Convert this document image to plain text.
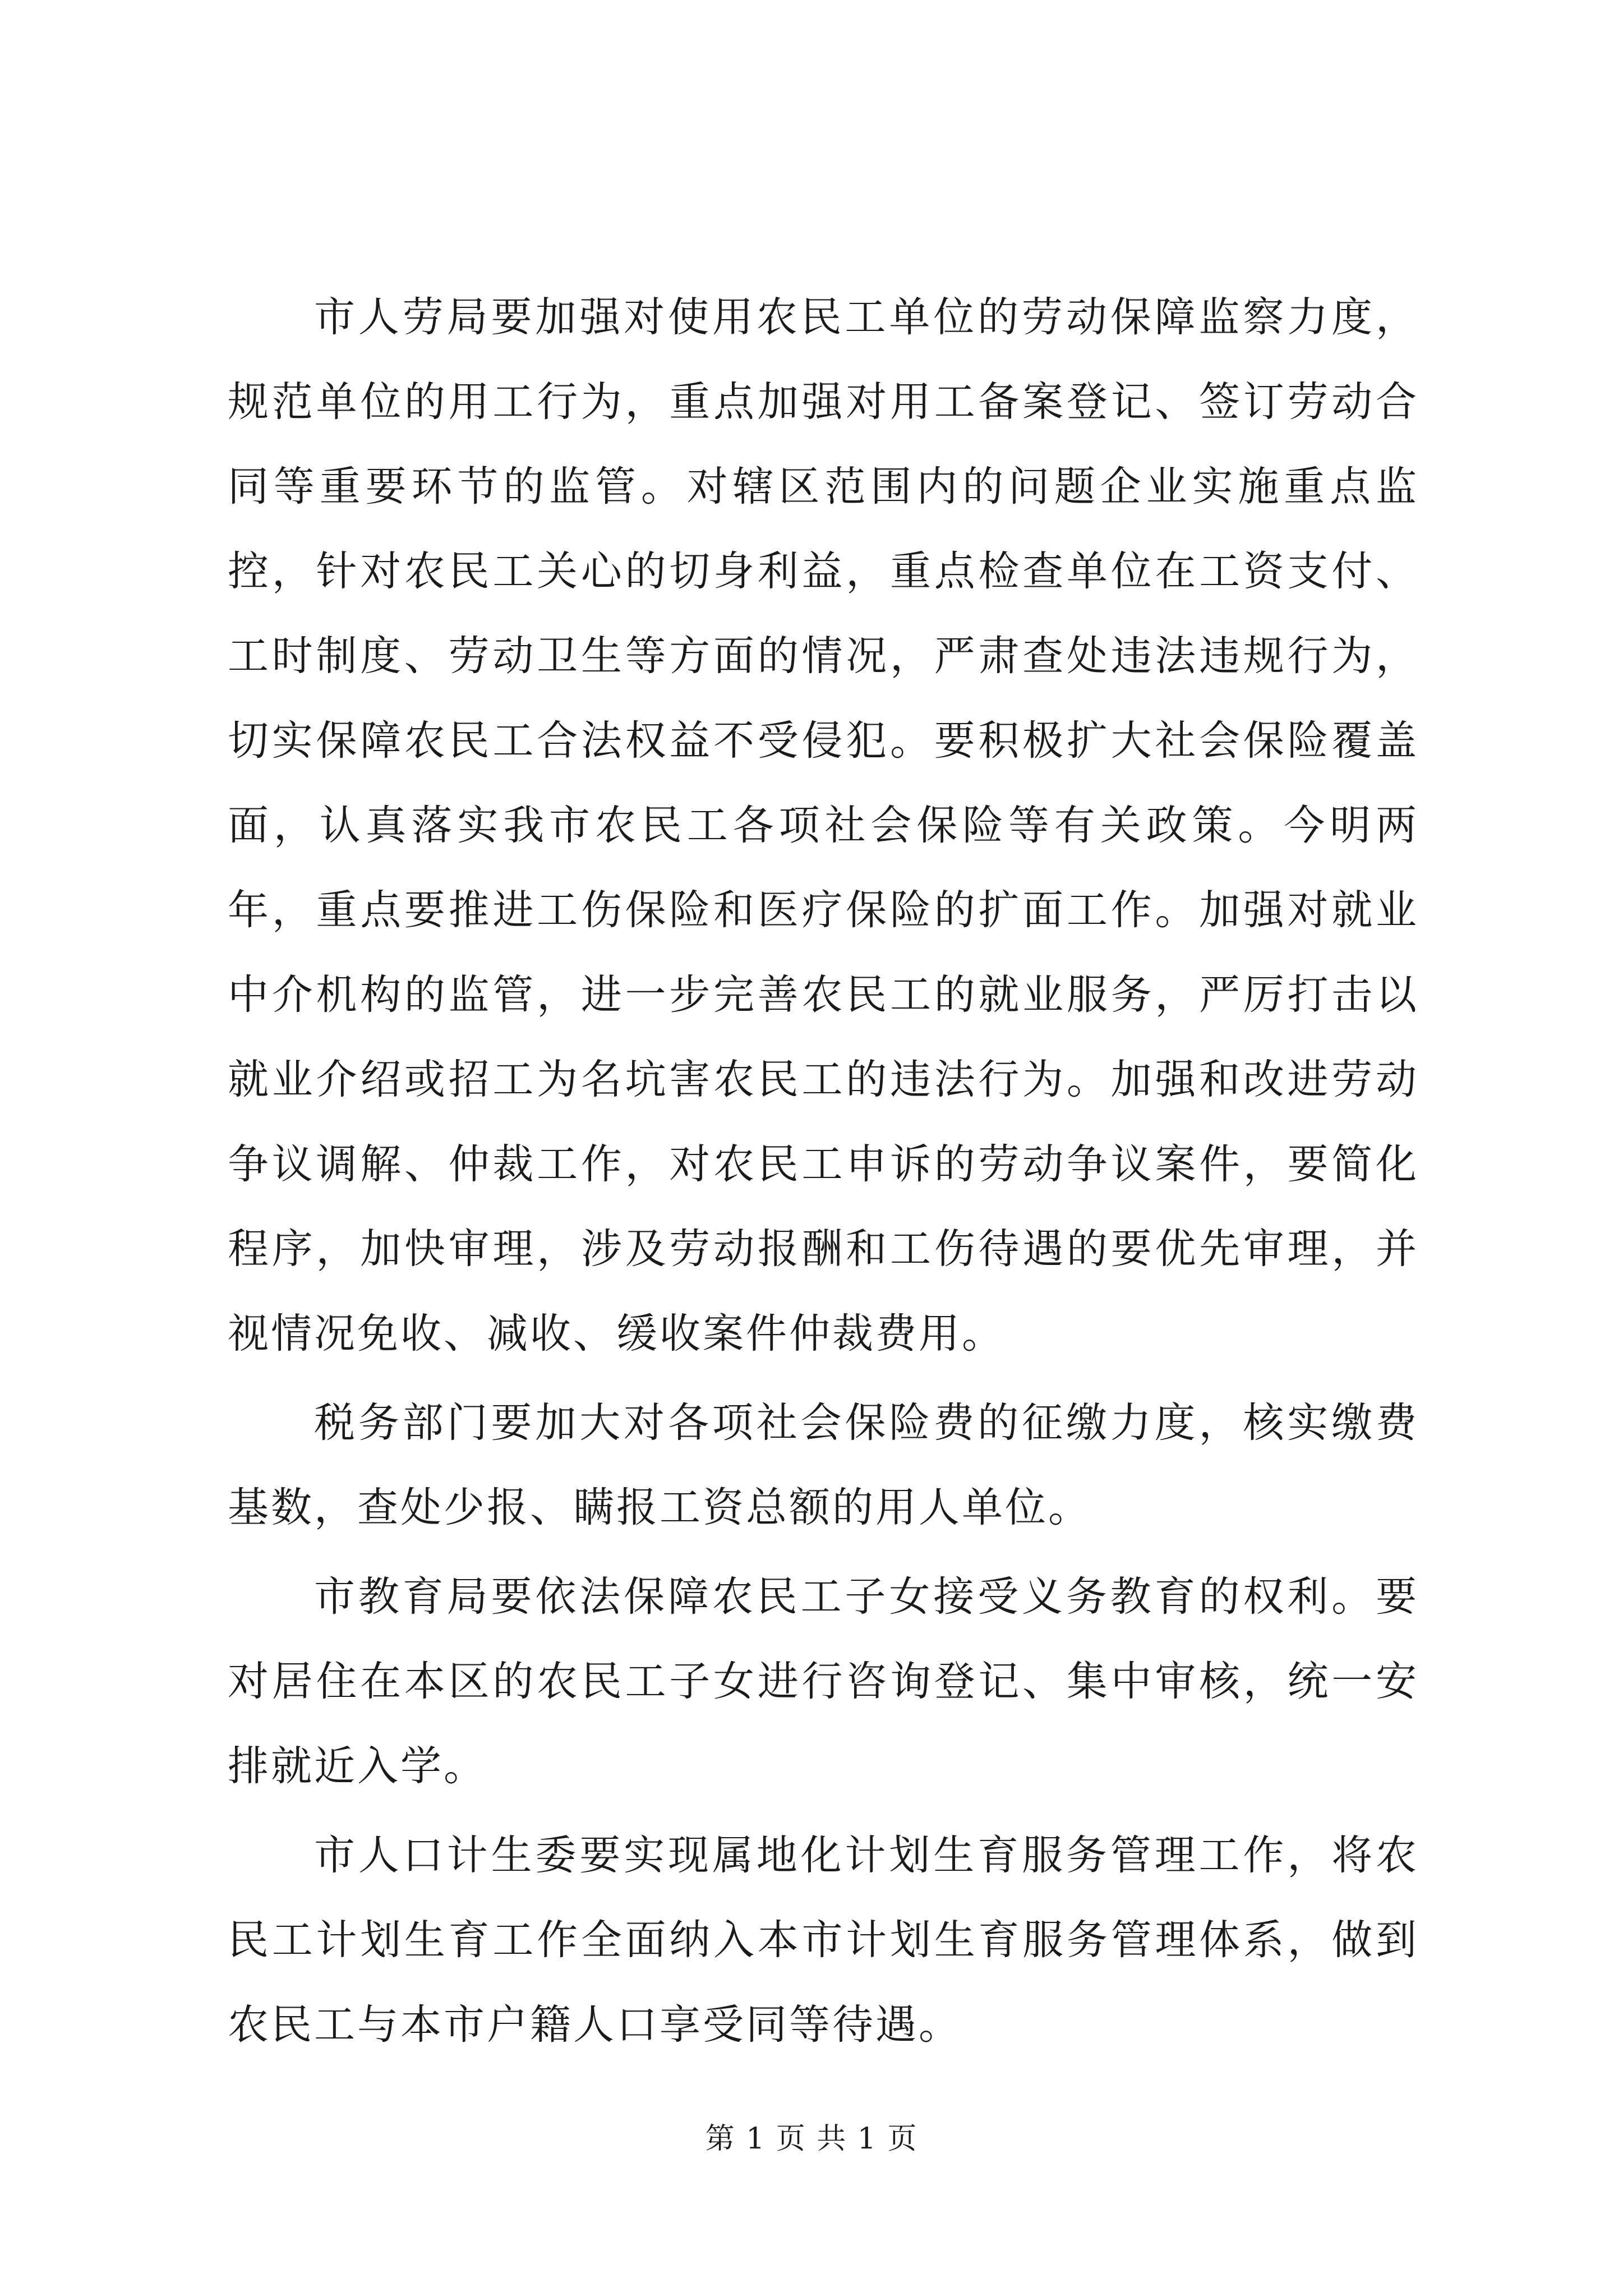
市人劳局要加强对使用农民工单位的劳动保障监察力度，规范单位的用工行为，重点加强对用工备案登记、签订劳动合同等重要环节的监管。对辖区范围内的问题企业实施重点监控，针对农民工关心的切身利益，重点检查单位在工资支付、工时制度、劳动卫生等方面的情况，严肃查处违法违规行为，切实保障农民工合法权益不受侵犯。要积极扩大社会保险覆盖面，认真落实我市农民工各项社会保险等有关政策。今明两年，重点要推进工伤保险和医疗保险的扩面工作。加强对就业中介机构的监管，进一步完善农民工的就业服务，严厉打击以就业介绍或招工为名坑害农民工的违法行为。加强和改进劳动争议调解、仲裁工作，对农民工申诉的劳动争议案件，要简化程序，加快审理，涉及劳动报酬和工伤待遇的要优先审理，并视情况免收、减收、缓收案件仲裁费用。

税务部门要加大对各项社会保险费的征缴力度，核实缴费基数，查处少报、瞒报工资总额的用人单位。

市教育局要依法保障农民工子女接受义务教育的权利。要对居住在本区的农民工子女进行咨询登记、集中审核，统一安排就近入学。

市人口计生委要实现属地化计划生育服务管理工作，将农民工计划生育工作全面纳入本市计划生育服务管理体系，做到农民工与本市户籍人口享受同等待遇。

第 1 页 共 1 页
